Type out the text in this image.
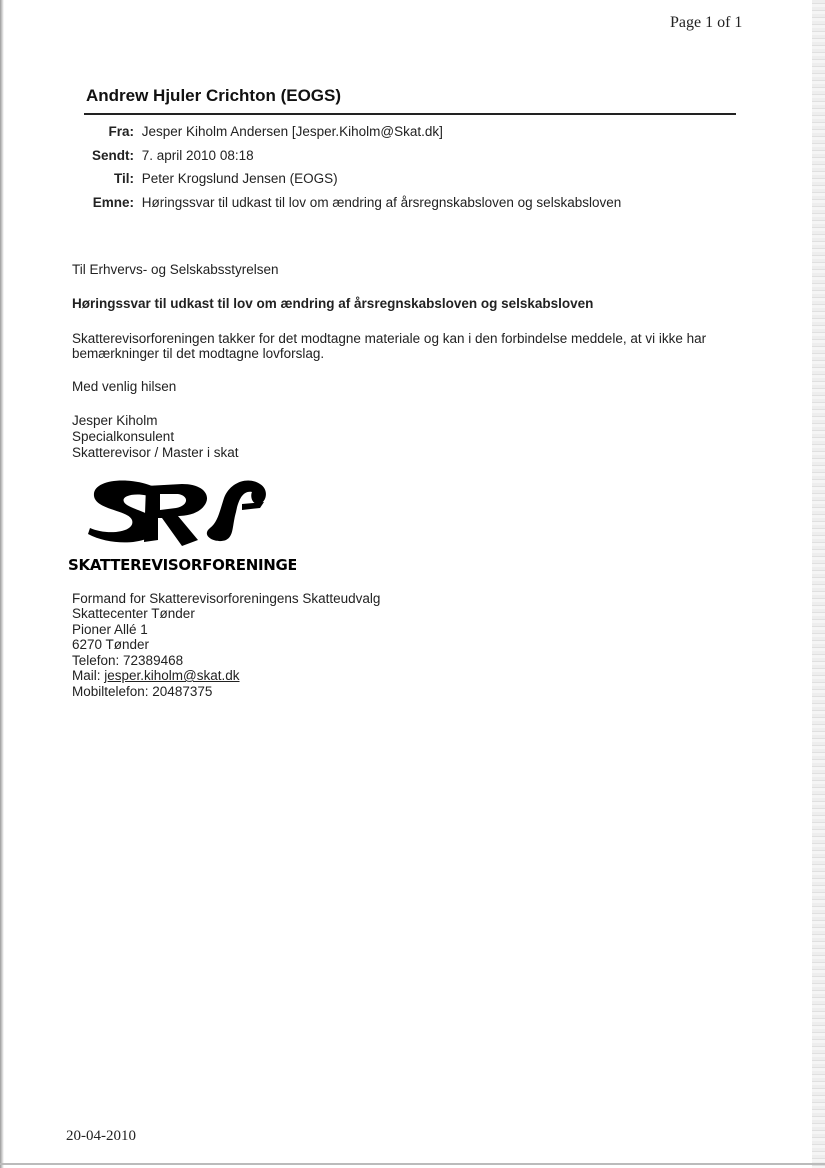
Page 1 of 1
Andrew Hjuler Crichton (EOGS)
Fra: Jesper Kiholm Andersen [Jesper.Kiholm@Skat.dk]
Sendt: 7. april 2010 08:18
Til: Peter Krogslund Jensen (EOGS)
Emne: Høringssvar til udkast til lov om ændring af årsregnskabsloven og selskabsloven
Til Erhvervs- og Selskabsstyrelsen
Høringssvar til udkast til lov om ændring af årsregnskabsloven og selskabsloven
Skatterevisorforeningen takker for det modtagne materiale og kan i den forbindelse meddele, at vi ikke har
bemærkninger til det modtagne lovforslag.
Med venlig hilsen
Jesper Kiholm
Specialkonsulent
Skatterevisor / Master i skat
SKATTEREVISORFORENINGEN
Formand for Skatterevisorforeningens Skatteudvalg
Skattecenter Tønder
Pioner Allé 1
6270 Tønder
Telefon: 72389468
Mail: jesper.kiholm@skat.dk
Mobiltelefon: 20487375
20-04-2010
